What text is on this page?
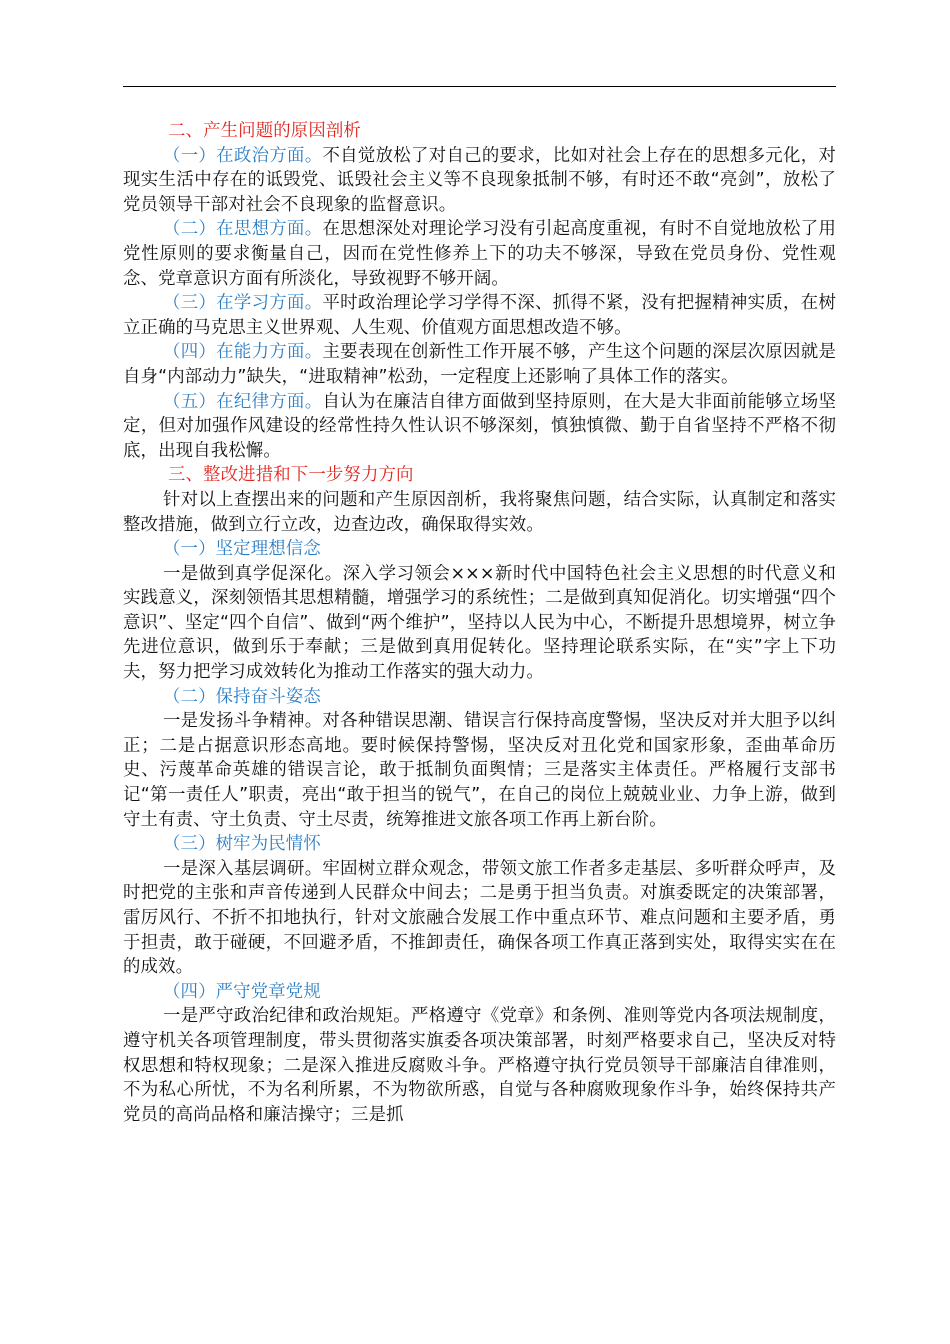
二、产生问题的原因剖析

（一）在政治方面。不自觉放松了对自己的要求，比如对社会上存在的思想多元化，对现实生活中存在的诋毁党、诋毁社会主义等不良现象抵制不够，有时还不敢“亮剑”，放松了党员领导干部对社会不良现象的监督意识。

（二）在思想方面。在思想深处对理论学习没有引起高度重视，有时不自觉地放松了用党性原则的要求衡量自己，因而在党性修养上下的功夫不够深，导致在党员身份、党性观念、党章意识方面有所淡化，导致视野不够开阔。

（三）在学习方面。平时政治理论学习学得不深、抓得不紧，没有把握精神实质，在树立正确的马克思主义世界观、人生观、价值观方面思想改造不够。

（四）在能力方面。主要表现在创新性工作开展不够，产生这个问题的深层次原因就是自身“内部动力”缺失，“进取精神”松劲，一定程度上还影响了具体工作的落实。

（五）在纪律方面。自认为在廉洁自律方面做到坚持原则，在大是大非面前能够立场坚定，但对加强作风建设的经常性持久性认识不够深刻，慎独慎微、勤于自省坚持不严格不彻底，出现自我松懈。

三、整改进措和下一步努力方向

针对以上查摆出来的问题和产生原因剖析，我将聚焦问题，结合实际，认真制定和落实整改措施，做到立行立改，边查边改，确保取得实效。

（一）坚定理想信念

一是做到真学促深化。深入学习领会×××新时代中国特色社会主义思想的时代意义和实践意义，深刻领悟其思想精髓，增强学习的系统性；二是做到真知促消化。切实增强“四个意识”、坚定“四个自信”、做到“两个维护”，坚持以人民为中心，不断提升思想境界，树立争先进位意识，做到乐于奉献；三是做到真用促转化。坚持理论联系实际，在“实”字上下功夫，努力把学习成效转化为推动工作落实的强大动力。

（二）保持奋斗姿态

一是发扬斗争精神。对各种错误思潮、错误言行保持高度警惕，坚决反对并大胆予以纠正；二是占据意识形态高地。要时候保持警惕，坚决反对丑化党和国家形象，歪曲革命历史、污蔑革命英雄的错误言论，敢于抵制负面舆情；三是落实主体责任。严格履行支部书记“第一责任人”职责，亮出“敢于担当的锐气”，在自己的岗位上兢兢业业、力争上游，做到守土有责、守土负责、守土尽责，统筹推进文旅各项工作再上新台阶。

（三）树牢为民情怀

一是深入基层调研。牢固树立群众观念，带领文旅工作者多走基层、多听群众呼声，及时把党的主张和声音传递到人民群众中间去；二是勇于担当负责。对旗委既定的决策部署，雷厉风行、不折不扣地执行，针对文旅融合发展工作中重点环节、难点问题和主要矛盾，勇于担责，敢于碰硬，不回避矛盾，不推卸责任，确保各项工作真正落到实处，取得实实在在的成效。

（四）严守党章党规

一是严守政治纪律和政治规矩。严格遵守《党章》和条例、准则等党内各项法规制度，遵守机关各项管理制度，带头贯彻落实旗委各项决策部署，时刻严格要求自己，坚决反对特权思想和特权现象；二是深入推进反腐败斗争。严格遵守执行党员领导干部廉洁自律准则，不为私心所忧，不为名利所累，不为物欲所惑，自觉与各种腐败现象作斗争，始终保持共产党员的高尚品格和廉洁操守；三是抓
